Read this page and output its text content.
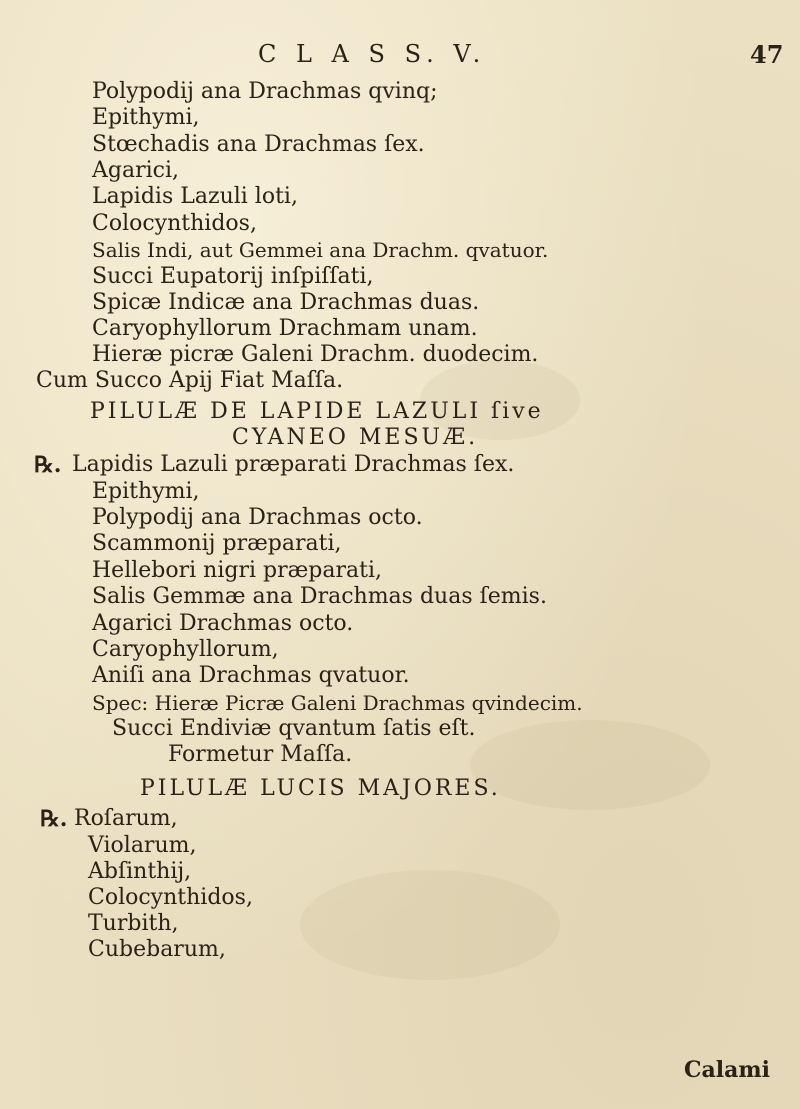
C L A S S. V.	47
Polypodij ana Drachmas qvinq;
Epithymi,
Stœchadis ana Drachmas ſex.
Agarici,
Lapidis Lazuli loti,
Colocynthidos,
Salis Indi, aut Gemmei ana Drachm. qvatuor.
Succi Eupatorij inſpiſſati,
Spicæ Indicæ ana Drachmas duas.
Caryophyllorum Drachmam unam.
Hieræ picræ Galeni Drachm. duodecim.
Cum Succo Apij Fiat Maſſa.
PILULÆ DE LAPIDE LAZULI ſive
CYANEO MESUÆ.
℞. Lapidis Lazuli præparati Drachmas ſex.
Epithymi,
Polypodij ana Drachmas octo.
Scammonij præparati,
Hellebori nigri præparati,
Salis Gemmæ ana Drachmas duas ſemis.
Agarici Drachmas octo.
Caryophyllorum,
Aniſi ana Drachmas qvatuor.
Spec: Hieræ Picræ Galeni Drachmas qvindecim.
Succi Endiviæ qvantum ſatis eſt.
Formetur Maſſa.
PILULÆ LUCIS MAJORES.
℞. Roſarum,
Violarum,
Abſinthij,
Colocynthidos,
Turbith,
Cubebarum,
Calami
